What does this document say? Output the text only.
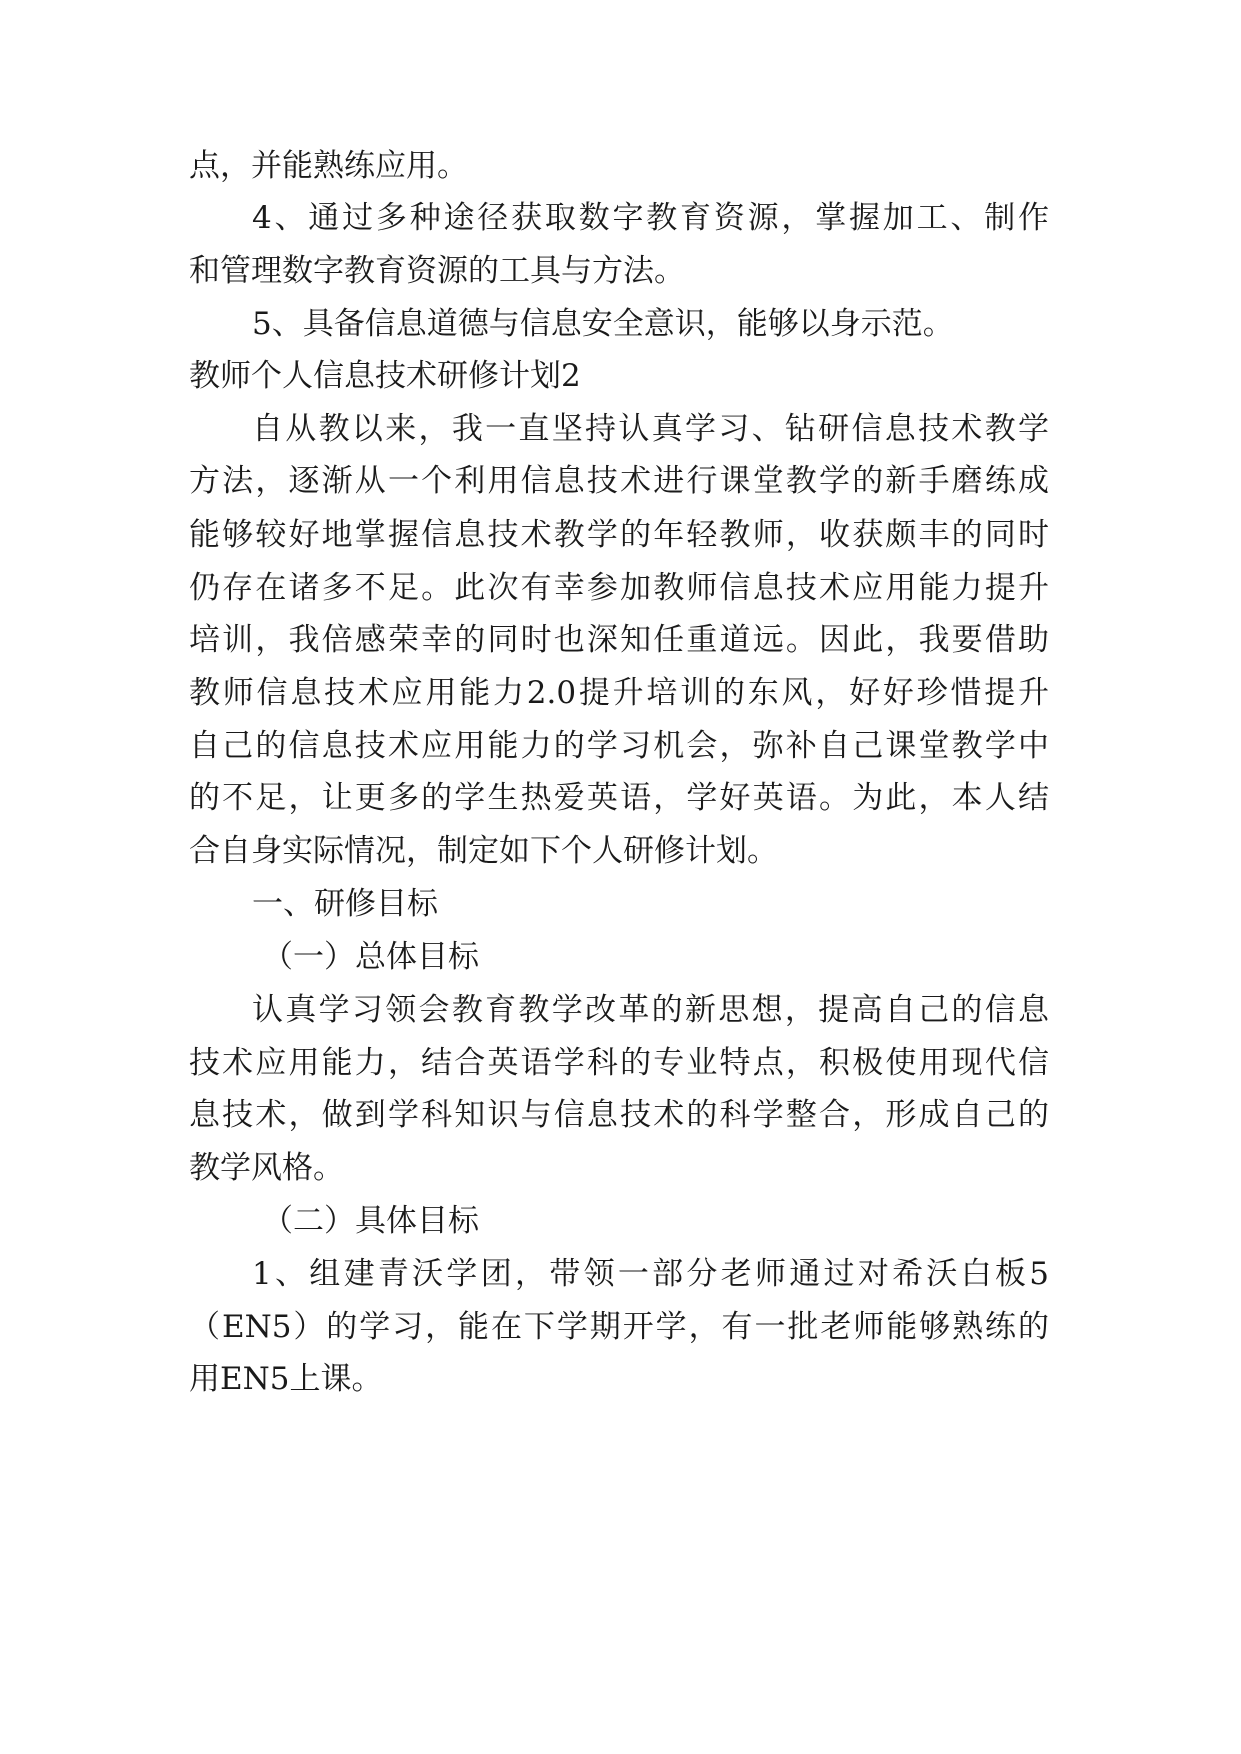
点，并能熟练应用。
4、通过多种途径获取数字教育资源，掌握加工、制作
和管理数字教育资源的工具与方法。
5、具备信息道德与信息安全意识，能够以身示范。
教师个人信息技术研修计划2
自从教以来，我一直坚持认真学习、钻研信息技术教学
方法，逐渐从一个利用信息技术进行课堂教学的新手磨练成
能够较好地掌握信息技术教学的年轻教师，收获颇丰的同时
仍存在诸多不足。此次有幸参加教师信息技术应用能力提升
培训，我倍感荣幸的同时也深知任重道远。因此，我要借助
教师信息技术应用能力2.0提升培训的东风，好好珍惜提升
自己的信息技术应用能力的学习机会，弥补自己课堂教学中
的不足，让更多的学生热爱英语，学好英语。为此，本人结
合自身实际情况，制定如下个人研修计划。
一、研修目标
（一）总体目标
认真学习领会教育教学改革的新思想，提高自己的信息
技术应用能力，结合英语学科的专业特点，积极使用现代信
息技术，做到学科知识与信息技术的科学整合，形成自己的
教学风格。
（二）具体目标
1、组建青沃学团，带领一部分老师通过对希沃白板5
（EN5）的学习，能在下学期开学，有一批老师能够熟练的
用EN5上课。
